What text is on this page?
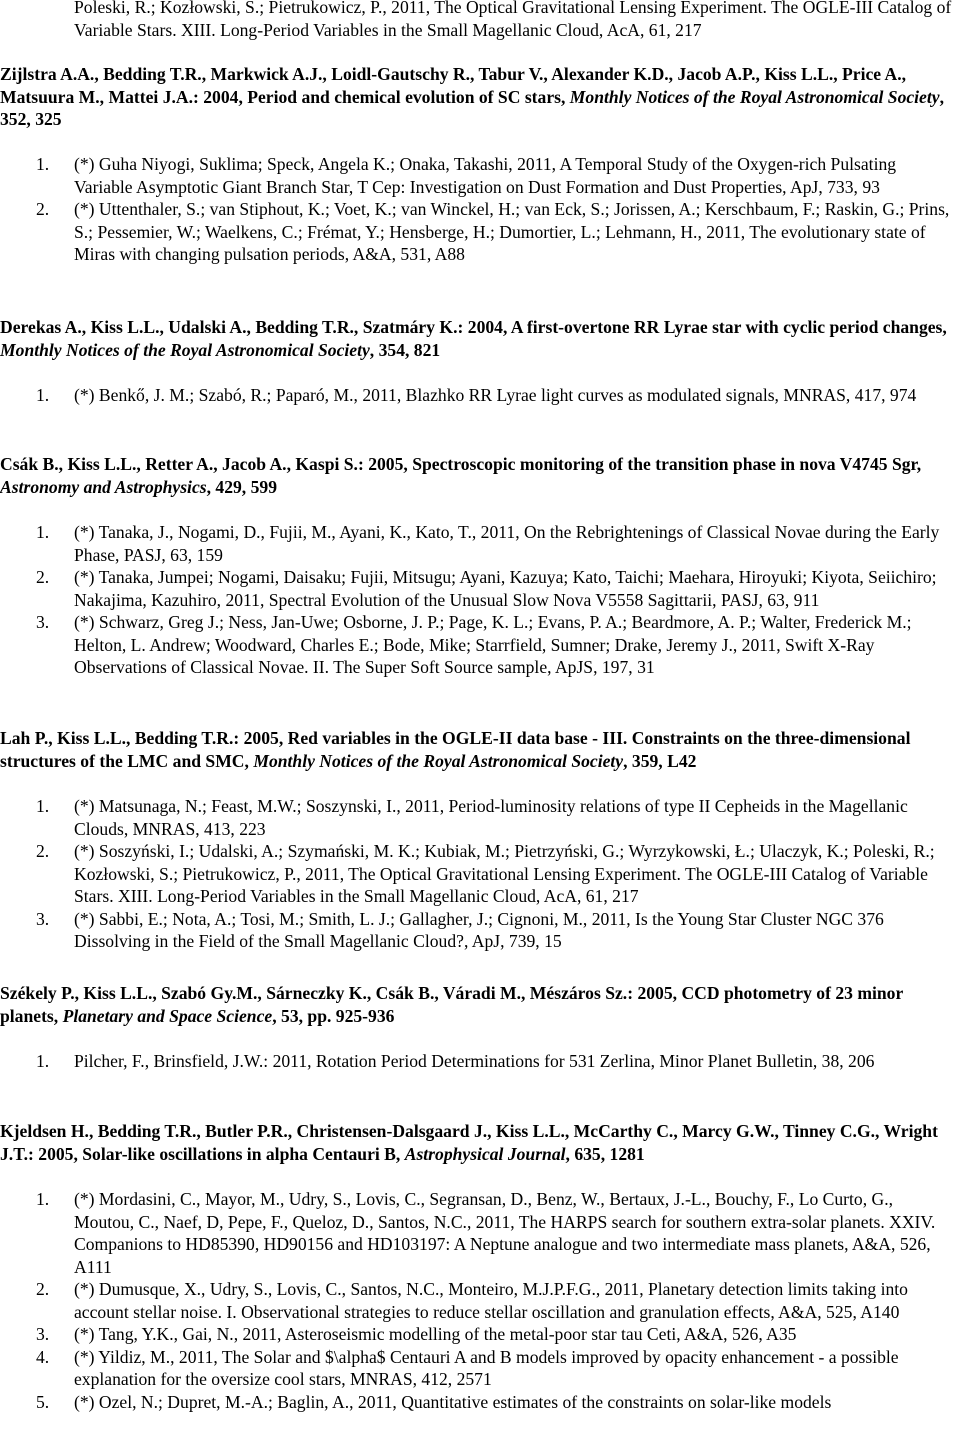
Poleski, R.; Kozłowski, S.; Pietrukowicz, P., 2011, The Optical Gravitational Lensing Experiment. The OGLE-III Catalog of Variable Stars. XIII. Long-Period Variables in the Small Magellanic Cloud, AcA, 61, 217

Zijlstra A.A., Bedding T.R., Markwick A.J., Loidl-Gautschy R., Tabur V., Alexander K.D., Jacob A.P., Kiss L.L., Price A., Matsuura M., Mattei J.A.: 2004, Period and chemical evolution of SC stars, Monthly Notices of the Royal Astronomical Society, 352, 325

1. (*) Guha Niyogi, Suklima; Speck, Angela K.; Onaka, Takashi, 2011, A Temporal Study of the Oxygen-rich Pulsating Variable Asymptotic Giant Branch Star, T Cep: Investigation on Dust Formation and Dust Properties, ApJ, 733, 93
2. (*) Uttenthaler, S.; van Stiphout, K.; Voet, K.; van Winckel, H.; van Eck, S.; Jorissen, A.; Kerschbaum, F.; Raskin, G.; Prins, S.; Pessemier, W.; Waelkens, C.; Frémat, Y.; Hensberge, H.; Dumortier, L.; Lehmann, H., 2011, The evolutionary state of Miras with changing pulsation periods, A&A, 531, A88

Derekas A., Kiss L.L., Udalski A., Bedding T.R., Szatmáry K.: 2004, A first-overtone RR Lyrae star with cyclic period changes, Monthly Notices of the Royal Astronomical Society, 354, 821

1. (*) Benkő, J. M.; Szabó, R.; Paparó, M., 2011, Blazhko RR Lyrae light curves as modulated signals, MNRAS, 417, 974

Csák B., Kiss L.L., Retter A., Jacob A., Kaspi S.: 2005, Spectroscopic monitoring of the transition phase in nova V4745 Sgr, Astronomy and Astrophysics, 429, 599

1. (*) Tanaka, J., Nogami, D., Fujii, M., Ayani, K., Kato, T., 2011, On the Rebrightenings of Classical Novae during the Early Phase, PASJ, 63, 159
2. (*) Tanaka, Jumpei; Nogami, Daisaku; Fujii, Mitsugu; Ayani, Kazuya; Kato, Taichi; Maehara, Hiroyuki; Kiyota, Seiichiro; Nakajima, Kazuhiro, 2011, Spectral Evolution of the Unusual Slow Nova V5558 Sagittarii, PASJ, 63, 911
3. (*) Schwarz, Greg J.; Ness, Jan-Uwe; Osborne, J. P.; Page, K. L.; Evans, P. A.; Beardmore, A. P.; Walter, Frederick M.; Helton, L. Andrew; Woodward, Charles E.; Bode, Mike; Starrfield, Sumner; Drake, Jeremy J., 2011, Swift X-Ray Observations of Classical Novae. II. The Super Soft Source sample, ApJS, 197, 31

Lah P., Kiss L.L., Bedding T.R.: 2005, Red variables in the OGLE-II data base - III. Constraints on the three-dimensional structures of the LMC and SMC, Monthly Notices of the Royal Astronomical Society, 359, L42

1. (*) Matsunaga, N.; Feast, M.W.; Soszynski, I., 2011, Period-luminosity relations of type II Cepheids in the Magellanic Clouds, MNRAS, 413, 223
2. (*) Soszyński, I.; Udalski, A.; Szymański, M. K.; Kubiak, M.; Pietrzyński, G.; Wyrzykowski, Ł.; Ulaczyk, K.; Poleski, R.; Kozłowski, S.; Pietrukowicz, P., 2011, The Optical Gravitational Lensing Experiment. The OGLE-III Catalog of Variable Stars. XIII. Long-Period Variables in the Small Magellanic Cloud, AcA, 61, 217
3. (*) Sabbi, E.; Nota, A.; Tosi, M.; Smith, L. J.; Gallagher, J.; Cignoni, M., 2011, Is the Young Star Cluster NGC 376 Dissolving in the Field of the Small Magellanic Cloud?, ApJ, 739, 15

Székely P., Kiss L.L., Szabó Gy.M., Sárneczky K., Csák B., Váradi M., Mészáros Sz.: 2005, CCD photometry of 23 minor planets, Planetary and Space Science, 53, pp. 925-936

1. Pilcher, F., Brinsfield, J.W.: 2011, Rotation Period Determinations for 531 Zerlina, Minor Planet Bulletin, 38, 206

Kjeldsen H., Bedding T.R., Butler P.R., Christensen-Dalsgaard J., Kiss L.L., McCarthy C., Marcy G.W., Tinney C.G., Wright J.T.: 2005, Solar-like oscillations in alpha Centauri B, Astrophysical Journal, 635, 1281

1. (*) Mordasini, C., Mayor, M., Udry, S., Lovis, C., Segransan, D., Benz, W., Bertaux, J.-L., Bouchy, F., Lo Curto, G., Moutou, C., Naef, D, Pepe, F., Queloz, D., Santos, N.C., 2011, The HARPS search for southern extra-solar planets. XXIV. Companions to HD85390, HD90156 and HD103197: A Neptune analogue and two intermediate mass planets, A&A, 526, A111
2. (*) Dumusque, X., Udry, S., Lovis, C., Santos, N.C., Monteiro, M.J.P.F.G., 2011, Planetary detection limits taking into account stellar noise. I. Observational strategies to reduce stellar oscillation and granulation effects, A&A, 525, A140
3. (*) Tang, Y.K., Gai, N., 2011, Asteroseismic modelling of the metal-poor star tau Ceti, A&A, 526, A35
4. (*) Yildiz, M., 2011, The Solar and $\alpha$ Centauri A and B models improved by opacity enhancement - a possible explanation for the oversize cool stars, MNRAS, 412, 2571
5. (*) Ozel, N.; Dupret, M.-A.; Baglin, A., 2011, Quantitative estimates of the constraints on solar-like models
